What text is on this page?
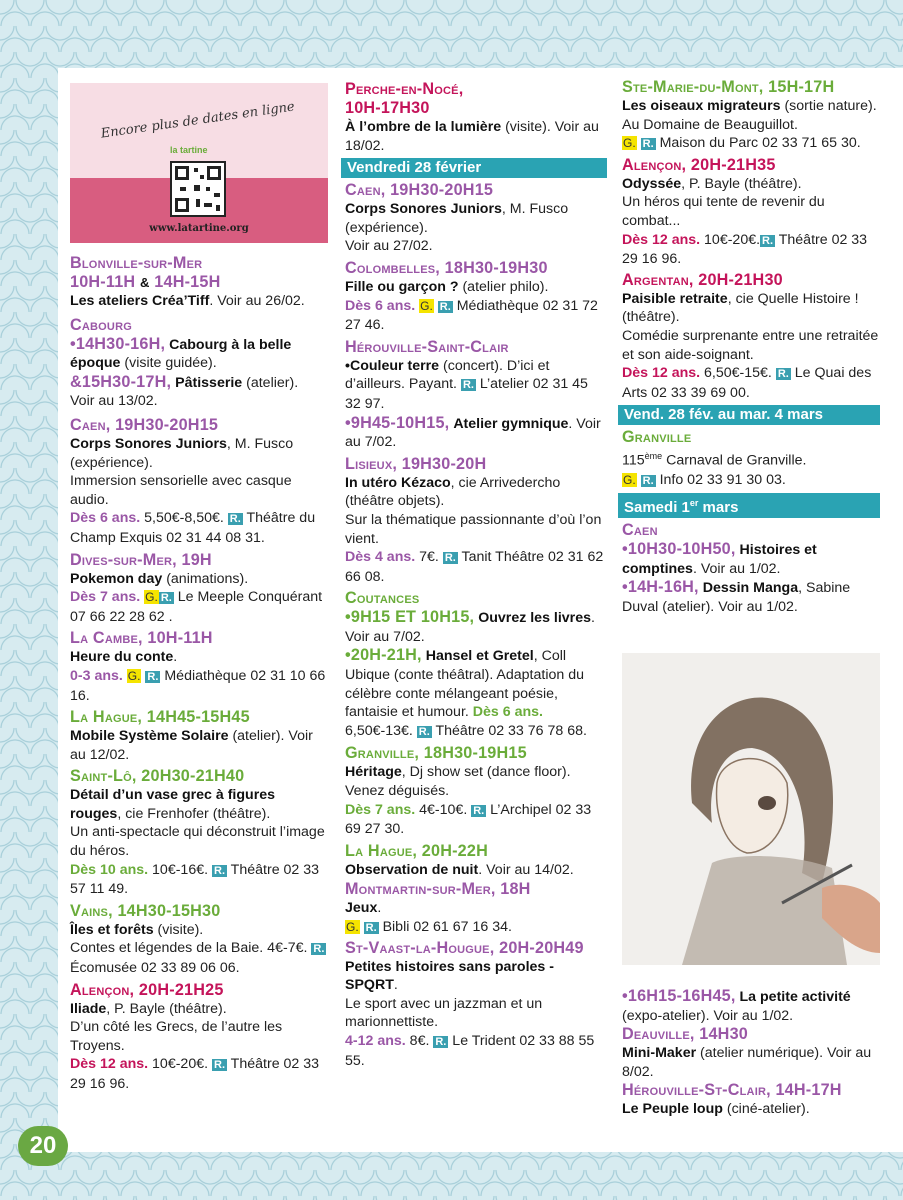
Encore plus de dates en ligne
la tartine
www.latartine.org
Blonville-sur-Mer
10H-11H & 14H-15H
Les ateliers Créa’Tiff. Voir au 26/02.
Cabourg
•14H30-16H, Cabourg à la belle époque (visite guidée).
&15H30-17H, Pâtisserie (atelier).
Voir au 13/02.
Caen, 19H30-20H15
Corps Sonores Juniors, M. Fusco (expérience).
Immersion sensorielle avec casque audio.
Dès 6 ans. 5,50€-8,50€. R. Théâtre du Champ Exquis 02 31 44 08 31.
Dives-sur-Mer, 19H
Pokemon day (animations).
Dès 7 ans. G. R. Le Meeple Conquérant 07 66 22 28 62 .
La Cambe, 10H-11H
Heure du conte.
0-3 ans. G. R. Médiathèque 02 31 10 66 16.
La Hague, 14H45-15H45
Mobile Système Solaire (atelier). Voir au 12/02.
Saint-Lô, 20H30-21H40
Détail d’un vase grec à figures rouges, cie Frenhofer (théâtre).
Un anti-spectacle qui déconstruit l’image du héros.
Dès 10 ans. 10€-16€. R. Théâtre 02 33 57 11 49.
Vains, 14H30-15H30
Îles et forêts (visite).
Contes et légendes de la Baie. 4€-7€. R. Écomusée 02 33 89 06 06.
Alençon, 20H-21H25
Iliade, P. Bayle (théâtre).
D’un côté les Grecs, de l’autre les Troyens.
Dès 12 ans. 10€-20€. R. Théâtre 02 33 29 16 96.
Perche-en-Nocé,
10H-17H30
À l’ombre de la lumière (visite). Voir au 18/02.
Vendredi 28 février
Caen, 19H30-20H15
Corps Sonores Juniors, M. Fusco (expérience).
Voir au 27/02.
Colombelles, 18H30-19H30
Fille ou garçon ? (atelier philo).
Dès 6 ans. G. R. Médiathèque 02 31 72 27 46.
Hérouville-Saint-Clair
•Couleur terre (concert). D’ici et d’ailleurs. Payant. R. L’atelier 02 31 45 32 97.
•9H45-10H15, Atelier gymnique. Voir au 7/02.
Lisieux, 19H30-20H
In utéro Kézaco, cie Arrivedercho (théâtre objets).
Sur la thématique passionnante d’où l’on vient.
Dès 4 ans. 7€. R. Tanit Théâtre 02 31 62 66 08.
Coutances
•9H15 ET 10H15, Ouvrez les livres. Voir au 7/02.
•20H-21H, Hansel et Gretel, Coll Ubique (conte théâtral). Adaptation du célèbre conte mélangeant poésie, fantaisie et humour. Dès 6 ans. 6,50€-13€. R. Théâtre 02 33 76 78 68.
Granville, 18H30-19H15
Héritage, Dj show set (dance floor). Venez déguisés.
Dès 7 ans. 4€-10€. R. L’Archipel 02 33 69 27 30.
La Hague, 20H-22H
Observation de nuit. Voir au 14/02.
Montmartin-sur-Mer, 18H
Jeux.
G. R. Bibli 02 61 67 16 34.
St-Vaast-la-Hougue, 20H-20H49
Petites histoires sans paroles - SPQRT.
Le sport avec un jazzman et un marionnettiste.
4-12 ans. 8€. R. Le Trident 02 33 88 55 55.
Ste-Marie-du-Mont, 15H-17H
Les oiseaux migrateurs (sortie nature).
Au Domaine de Beauguillot.
G. R. Maison du Parc 02 33 71 65 30.
Alençon, 20H-21H35
Odyssée, P. Bayle (théâtre).
Un héros qui tente de revenir du combat...
Dès 12 ans. 10€-20€. R. Théâtre 02 33 29 16 96.
Argentan, 20H-21H30
Paisible retraite, cie Quelle Histoire ! (théâtre).
Comédie surprenante entre une retraitée et son aide-soignant.
Dès 12 ans. 6,50€-15€. R. Le Quai des Arts 02 33 39 69 00.
Vend. 28 fév. au mar. 4 mars
Granville
115ème Carnaval de Granville.
G. R. Info 02 33 91 30 03.
Samedi 1er mars
Caen
•10H30-10H50, Histoires et comptines. Voir au 1/02.
•14H-16H, Dessin Manga, Sabine Duval (atelier). Voir au 1/02.
•16H15-16H45, La petite activité (expo-atelier). Voir au 1/02.
Deauville, 14H30
Mini-Maker (atelier numérique). Voir au 8/02.
Hérouville-St-Clair, 14H-17H
Le Peuple loup (ciné-atelier).
20
